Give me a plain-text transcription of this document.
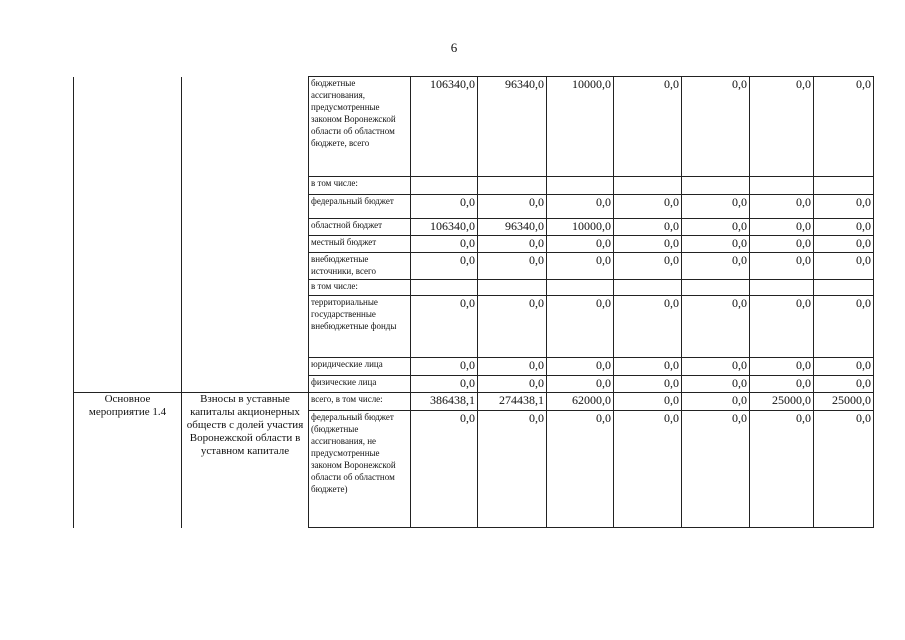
6
		бюджетные ассигнования, предусмотренные законом Воронежской области об областном бюджете, всего	106340,0	96340,0	10000,0	0,0	0,0	0,0	0,0
		в том числе:							
		федеральный бюджет	0,0	0,0	0,0	0,0	0,0	0,0	0,0
		областной бюджет	106340,0	96340,0	10000,0	0,0	0,0	0,0	0,0
		местный бюджет	0,0	0,0	0,0	0,0	0,0	0,0	0,0
		внебюджетные источники, всего	0,0	0,0	0,0	0,0	0,0	0,0	0,0
		в том числе:							
		территориальные государственные внебюджетные фонды	0,0	0,0	0,0	0,0	0,0	0,0	0,0
		юридические лица	0,0	0,0	0,0	0,0	0,0	0,0	0,0
		физические лица	0,0	0,0	0,0	0,0	0,0	0,0	0,0
Основное мероприятие 1.4	Взносы в уставные капиталы акционерных обществ с долей участия Воронежской области в уставном капитале	всего, в том числе:	386438,1	274438,1	62000,0	0,0	0,0	25000,0	25000,0
		федеральный бюджет (бюджетные ассигнования, не предусмотренные законом Воронежской области об областном бюджете)	0,0	0,0	0,0	0,0	0,0	0,0	0,0
